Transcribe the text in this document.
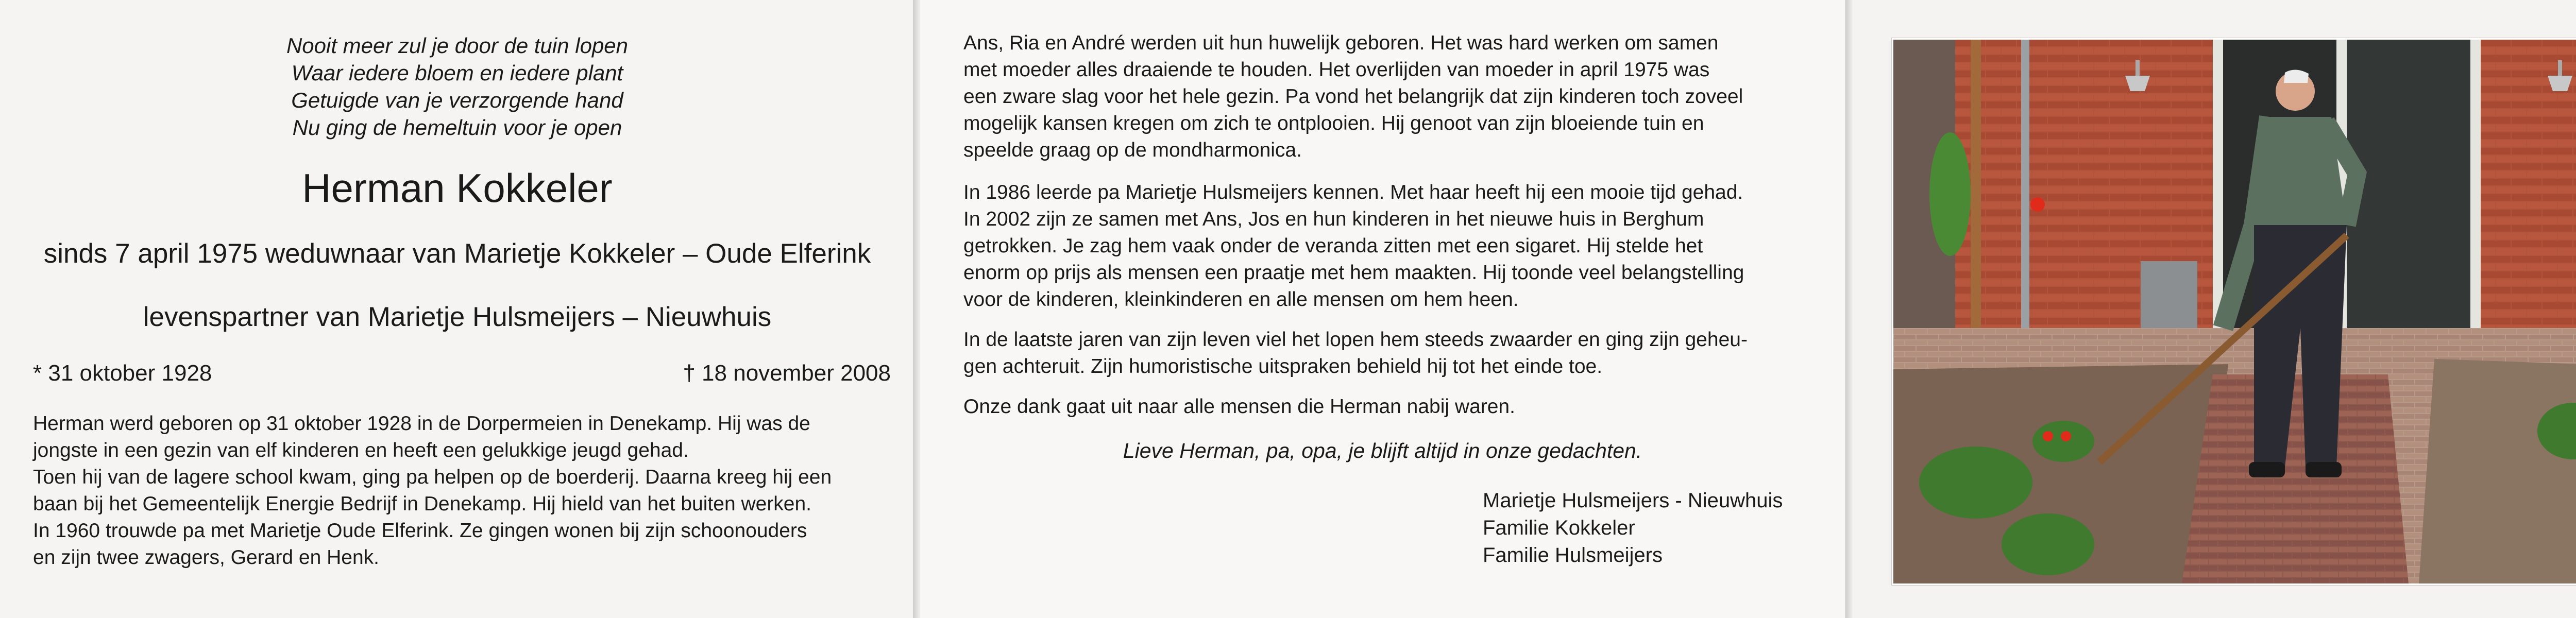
Nooit meer zul je door de tuin lopen
Waar iedere bloem en iedere plant
Getuigde van je verzorgende hand
Nu ging de hemeltuin voor je open
Herman Kokkeler
sinds 7 april 1975 weduwnaar van Marietje Kokkeler – Oude Elferink
levenspartner van Marietje Hulsmeijers – Nieuwhuis
* 31 oktober 1928	† 18 november 2008
Herman werd geboren op 31 oktober 1928 in de Dorpermeien in Denekamp. Hij was de
jongste in een gezin van elf kinderen en heeft een gelukkige jeugd gehad.
Toen hij van de lagere school kwam, ging pa helpen op de boerderij. Daarna kreeg hij een
baan bij het Gemeentelijk Energie Bedrijf in Denekamp. Hij hield van het buiten werken.
In 1960 trouwde pa met Marietje Oude Elferink. Ze gingen wonen bij zijn schoonouders
en zijn twee zwagers, Gerard en Henk.
Ans, Ria en André werden uit hun huwelijk geboren. Het was hard werken om samen
met moeder alles draaiende te houden. Het overlijden van moeder in april 1975 was
een zware slag voor het hele gezin. Pa vond het belangrijk dat zijn kinderen toch zoveel
mogelijk kansen kregen om zich te ontplooien. Hij genoot van zijn bloeiende tuin en
speelde graag op de mondharmonica.
In 1986 leerde pa Marietje Hulsmeijers kennen. Met haar heeft hij een mooie tijd gehad.
In 2002 zijn ze samen met Ans, Jos en hun kinderen in het nieuwe huis in Berghum
getrokken. Je zag hem vaak onder de veranda zitten met een sigaret. Hij stelde het
enorm op prijs als mensen een praatje met hem maakten. Hij toonde veel belangstelling
voor de kinderen, kleinkinderen en alle mensen om hem heen.
In de laatste jaren van zijn leven viel het lopen hem steeds zwaarder en ging zijn geheu-
gen achteruit. Zijn humoristische uitspraken behield hij tot het einde toe.
Onze dank gaat uit naar alle mensen die Herman nabij waren.
Lieve Herman, pa, opa, je blijft altijd in onze gedachten.
Marietje Hulsmeijers - Nieuwhuis
Familie Kokkeler
Familie Hulsmeijers
